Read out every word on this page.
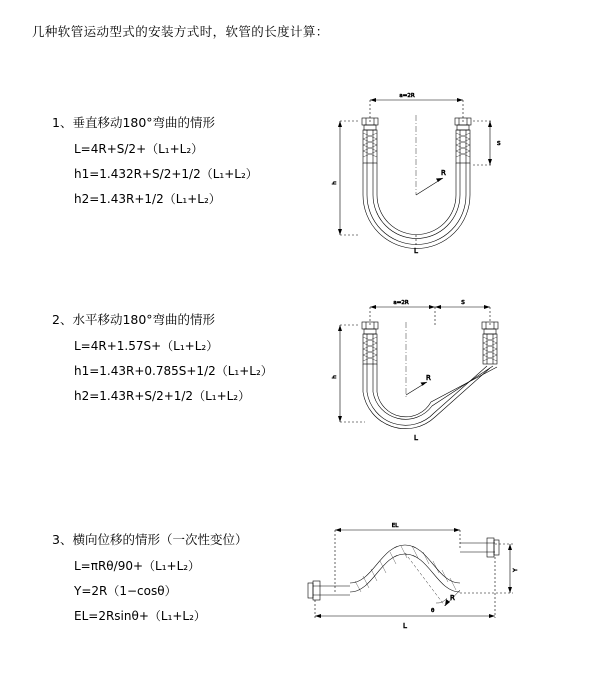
几种软管运动型式的安装方式时，软管的长度计算：
1、垂直移动180°弯曲的情形
L=4R+S/2+（L₁+L₂）
h1=1.432R+S/2+1/2（L₁+L₂）
h2=1.43R+1/2（L₁+L₂）
a=2R
R
L
h
S
2、水平移动180°弯曲的情形
L=4R+1.57S+（L₁+L₂）
h1=1.43R+0.785S+1/2（L₁+L₂）
h2=1.43R+S/2+1/2（L₁+L₂）
a=2R	S
R
L
h
3、横向位移的情形（一次性变位）
L=πRθ/90+（L₁+L₂）
Y=2R（1−cosθ）
EL=2Rsinθ+（L₁+L₂）
EL
R
θ
Y
L
